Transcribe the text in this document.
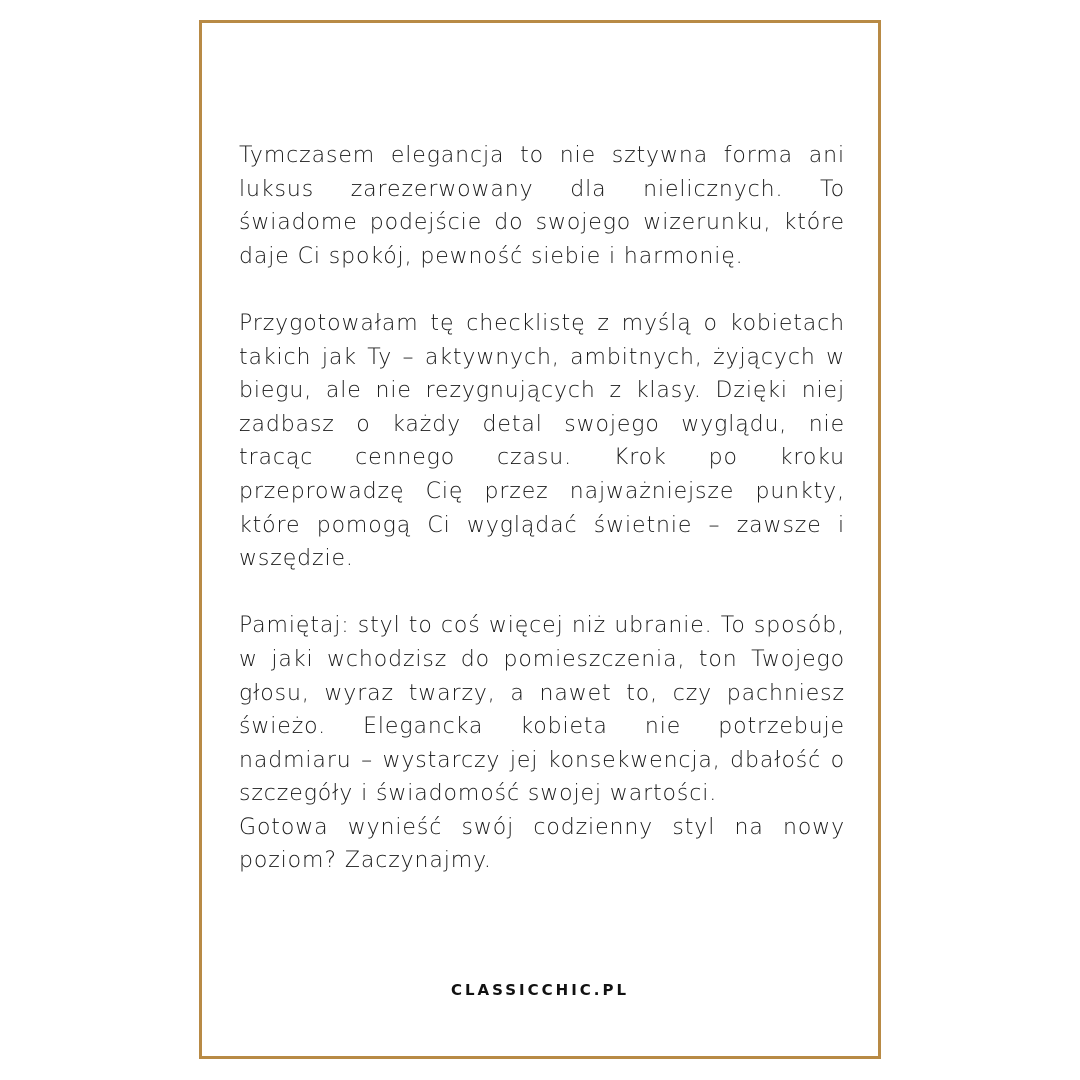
Tymczasem elegancja to nie sztywna forma ani luksus zarezerwowany dla nielicznych. To świadome podejście do swojego wizerunku, które daje Ci spokój, pewność siebie i harmonię.

Przygotowałam tę checklistę z myślą o kobietach takich jak Ty – aktywnych, ambitnych, żyjących w biegu, ale nie rezygnujących z klasy. Dzięki niej zadbasz o każdy detal swojego wyglądu, nie tracąc cennego czasu. Krok po kroku przeprowadzę Cię przez najważniejsze punkty, które pomogą Ci wyglądać świetnie – zawsze i wszędzie.

Pamiętaj: styl to coś więcej niż ubranie. To sposób, w jaki wchodzisz do pomieszczenia, ton Twojego głosu, wyraz twarzy, a nawet to, czy pachniesz świeżo. Elegancka kobieta nie potrzebuje nadmiaru – wystarczy jej konsekwencja, dbałość o szczegóły i świadomość swojej wartości.

Gotowa wynieść swój codzienny styl na nowy poziom? Zaczynajmy.

CLASSICCHIC.PL
